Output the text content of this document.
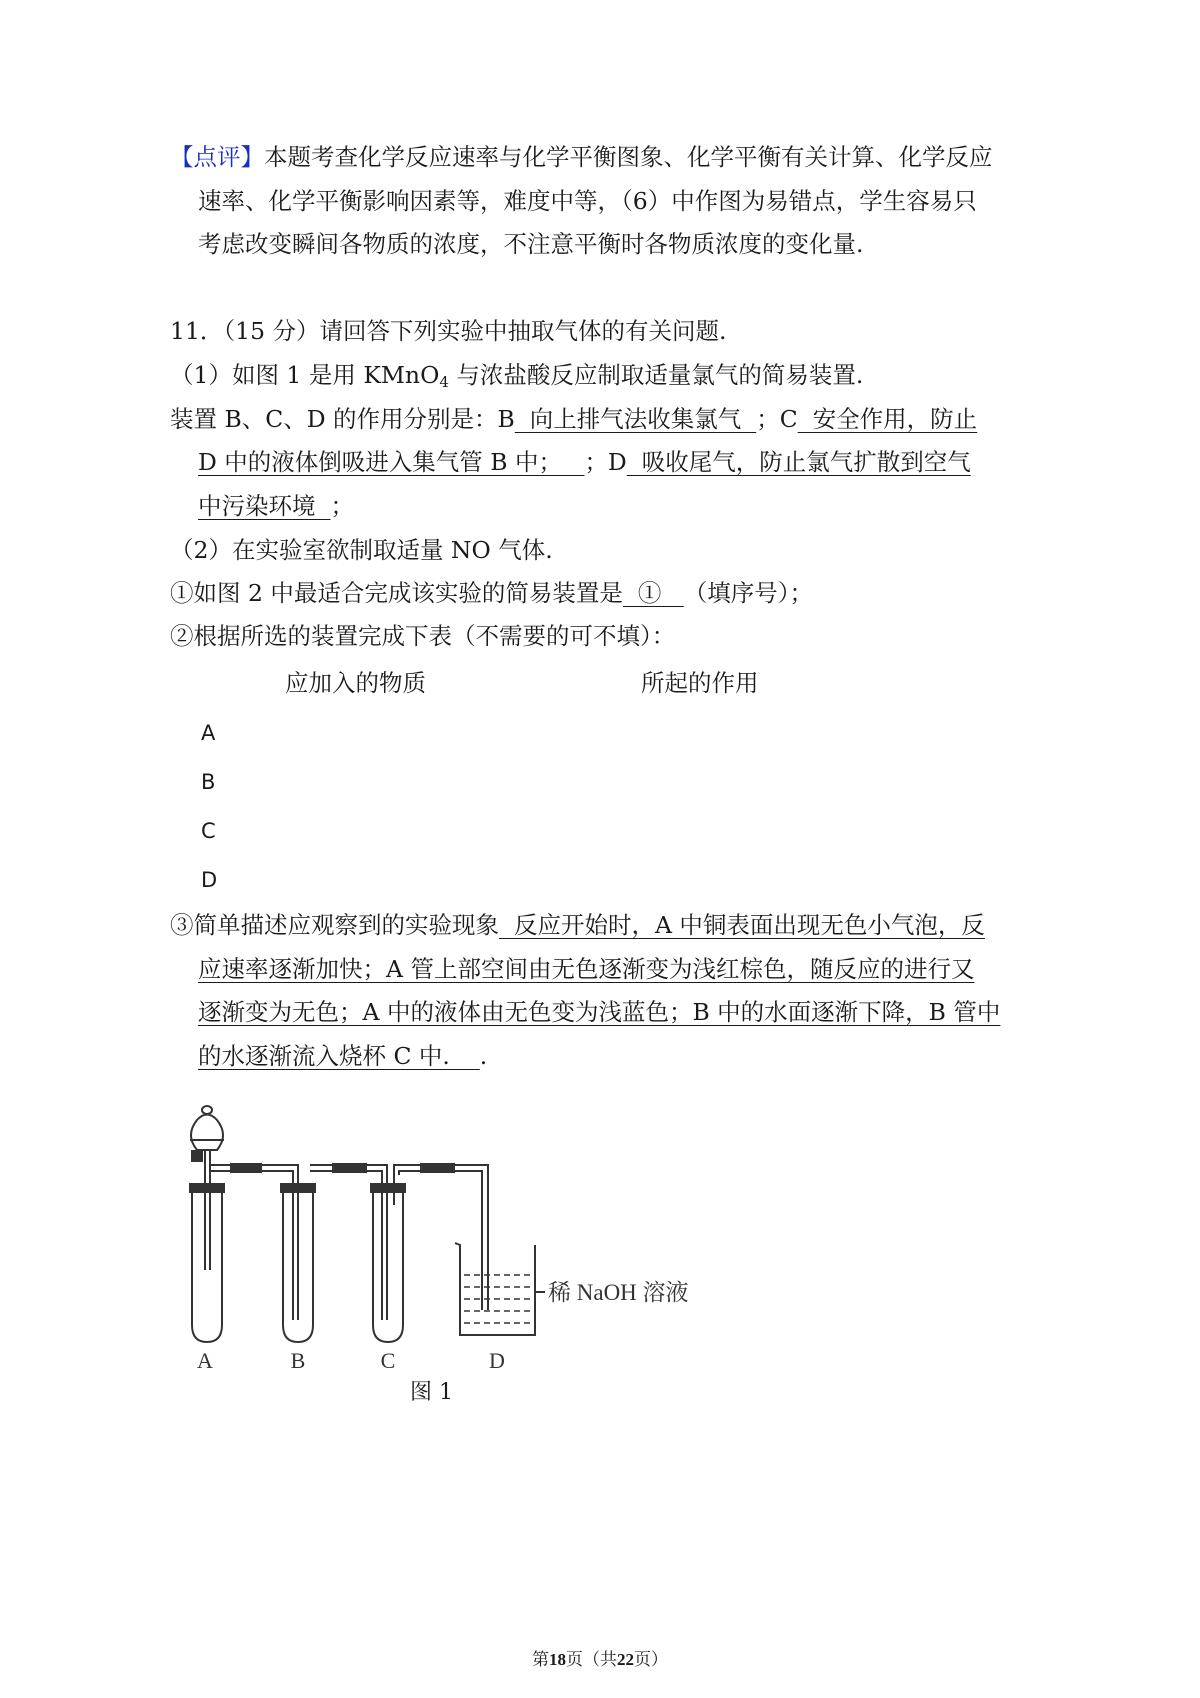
【点评】本题考查化学反应速率与化学平衡图象、化学平衡有关计算、化学反应
速率、化学平衡影响因素等，难度中等，（6）中作图为易错点，学生容易只
考虑改变瞬间各物质的浓度，不注意平衡时各物质浓度的变化量.
11．（15 分）请回答下列实验中抽取气体的有关问题.
（1）如图 1 是用 KMnO$_4$ 与浓盐酸反应制取适量氯气的简易装置.
装置 B、C、D 的作用分别是：B  向上排气法收集氯气  ；C  安全作用，防止
D 中的液体倒吸进入集气管 B 中；   ；D  吸收尾气，防止氯气扩散到空气
中污染环境  ；
（2）在实验室欲制取适量 NO 气体.
①如图 2 中最适合完成该实验的简易装置是  ①   （填序号）；
②根据所选的装置完成下表（不需要的可不填）：
应加入的物质	所起的作用
A
B
C
D
③简单描述应观察到的实验现象  反应开始时，A 中铜表面出现无色小气泡，反
应速率逐渐加快；A 管上部空间由无色逐渐变为浅红棕色，随反应的进行又
逐渐变为无色；A 中的液体由无色变为浅蓝色；B 中的水面逐渐下降，B 管中
的水逐渐流入烧杯 C 中.    .
A	B	C	D
稀 NaOH 溶液
图 1
第18页（共22页）
